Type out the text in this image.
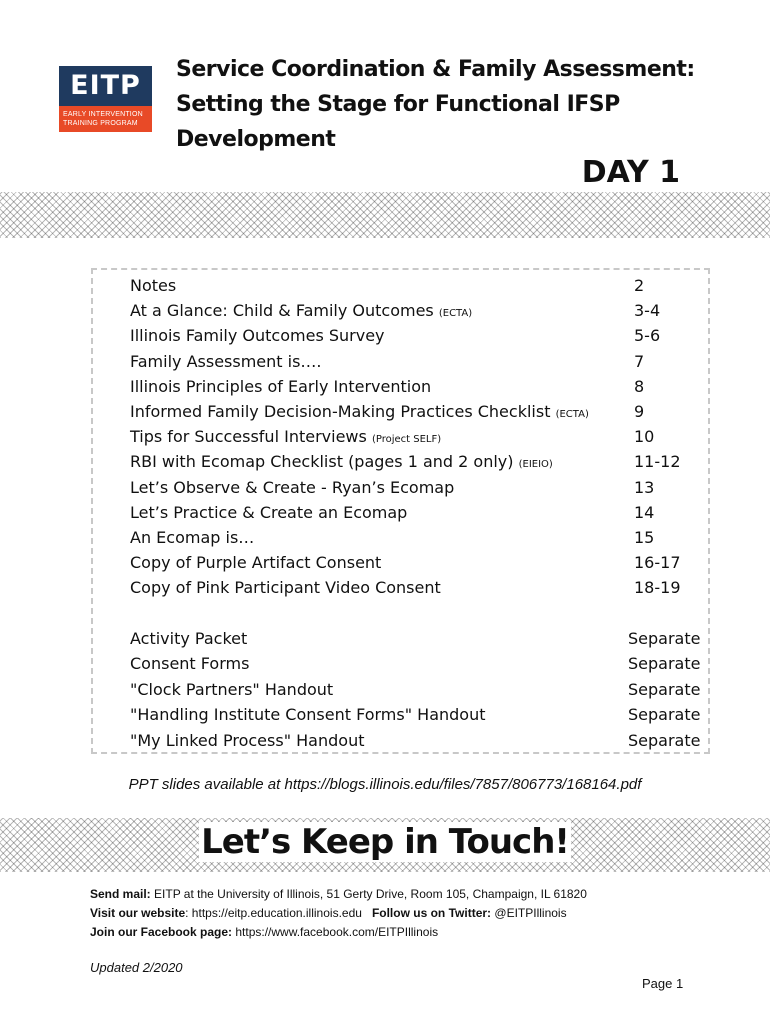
EITP
EARLY INTERVENTION
TRAINING PROGRAM
Service Coordination & Family Assessment:
Setting the Stage for Functional IFSP
Development
DAY 1
Notes	2
At a Glance: Child & Family Outcomes (ECTA)	3-4
Illinois Family Outcomes Survey	5-6
Family Assessment is….	7
Illinois Principles of Early Intervention	8
Informed Family Decision-Making Practices Checklist (ECTA)	9
Tips for Successful Interviews (Project SELF)	10
RBI with Ecomap Checklist (pages 1 and 2 only) (EIEIO)	11-12
Let’s Observe & Create - Ryan’s Ecomap	13
Let’s Practice & Create an Ecomap	14
An Ecomap is…	15
Copy of Purple Artifact Consent	16-17
Copy of Pink Participant Video Consent	18-19
Activity Packet	Separate
Consent Forms	Separate
"Clock Partners" Handout	Separate
"Handling Institute Consent Forms" Handout	Separate
"My Linked Process" Handout	Separate
PPT slides available at https://blogs.illinois.edu/files/7857/806773/168164.pdf
Let’s Keep in Touch!
Send mail: EITP at the University of Illinois, 51 Gerty Drive, Room 105, Champaign, IL 61820
Visit our website: https://eitp.education.illinois.edu Follow us on Twitter: @EITPIllinois
Join our Facebook page: https://www.facebook.com/EITPIllinois
Updated 2/2020
Page 1
